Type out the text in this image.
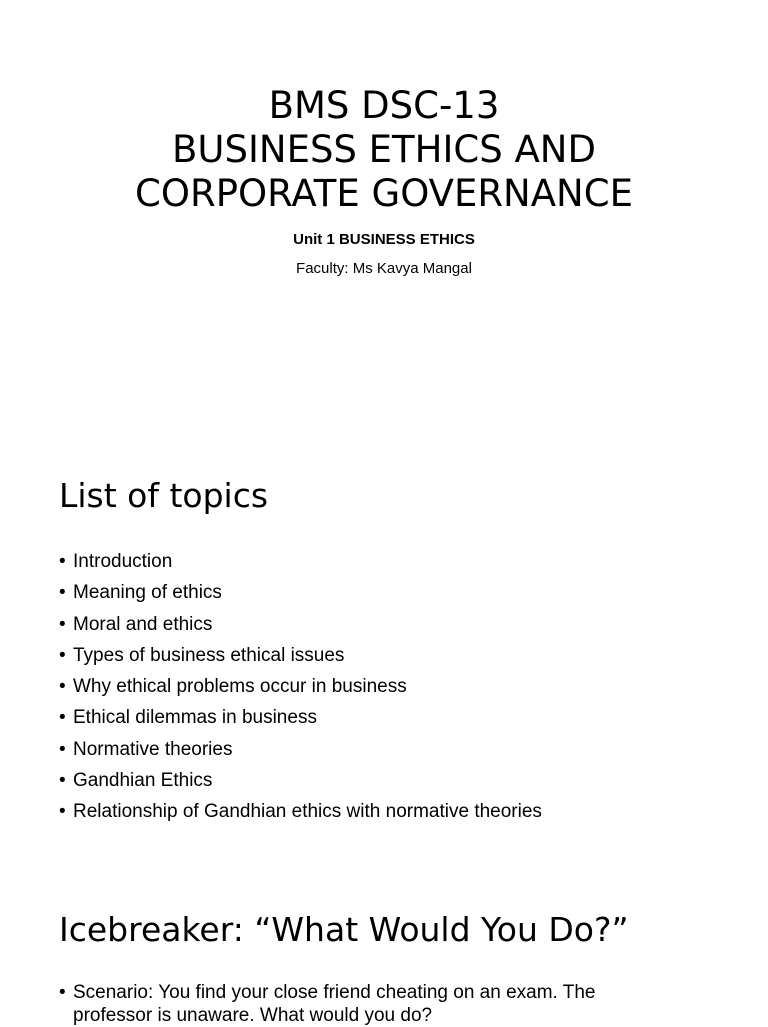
BMS DSC-13
BUSINESS ETHICS AND
CORPORATE GOVERNANCE
Unit 1 BUSINESS ETHICS
Faculty: Ms Kavya Mangal
List of topics
• Introduction
• Meaning of ethics
• Moral and ethics
• Types of business ethical issues
• Why ethical problems occur in business
• Ethical dilemmas in business
• Normative theories
• Gandhian Ethics
• Relationship of Gandhian ethics with normative theories
Icebreaker: “What Would You Do?”
• Scenario: You find your close friend cheating on an exam. The professor is unaware. What would you do?
